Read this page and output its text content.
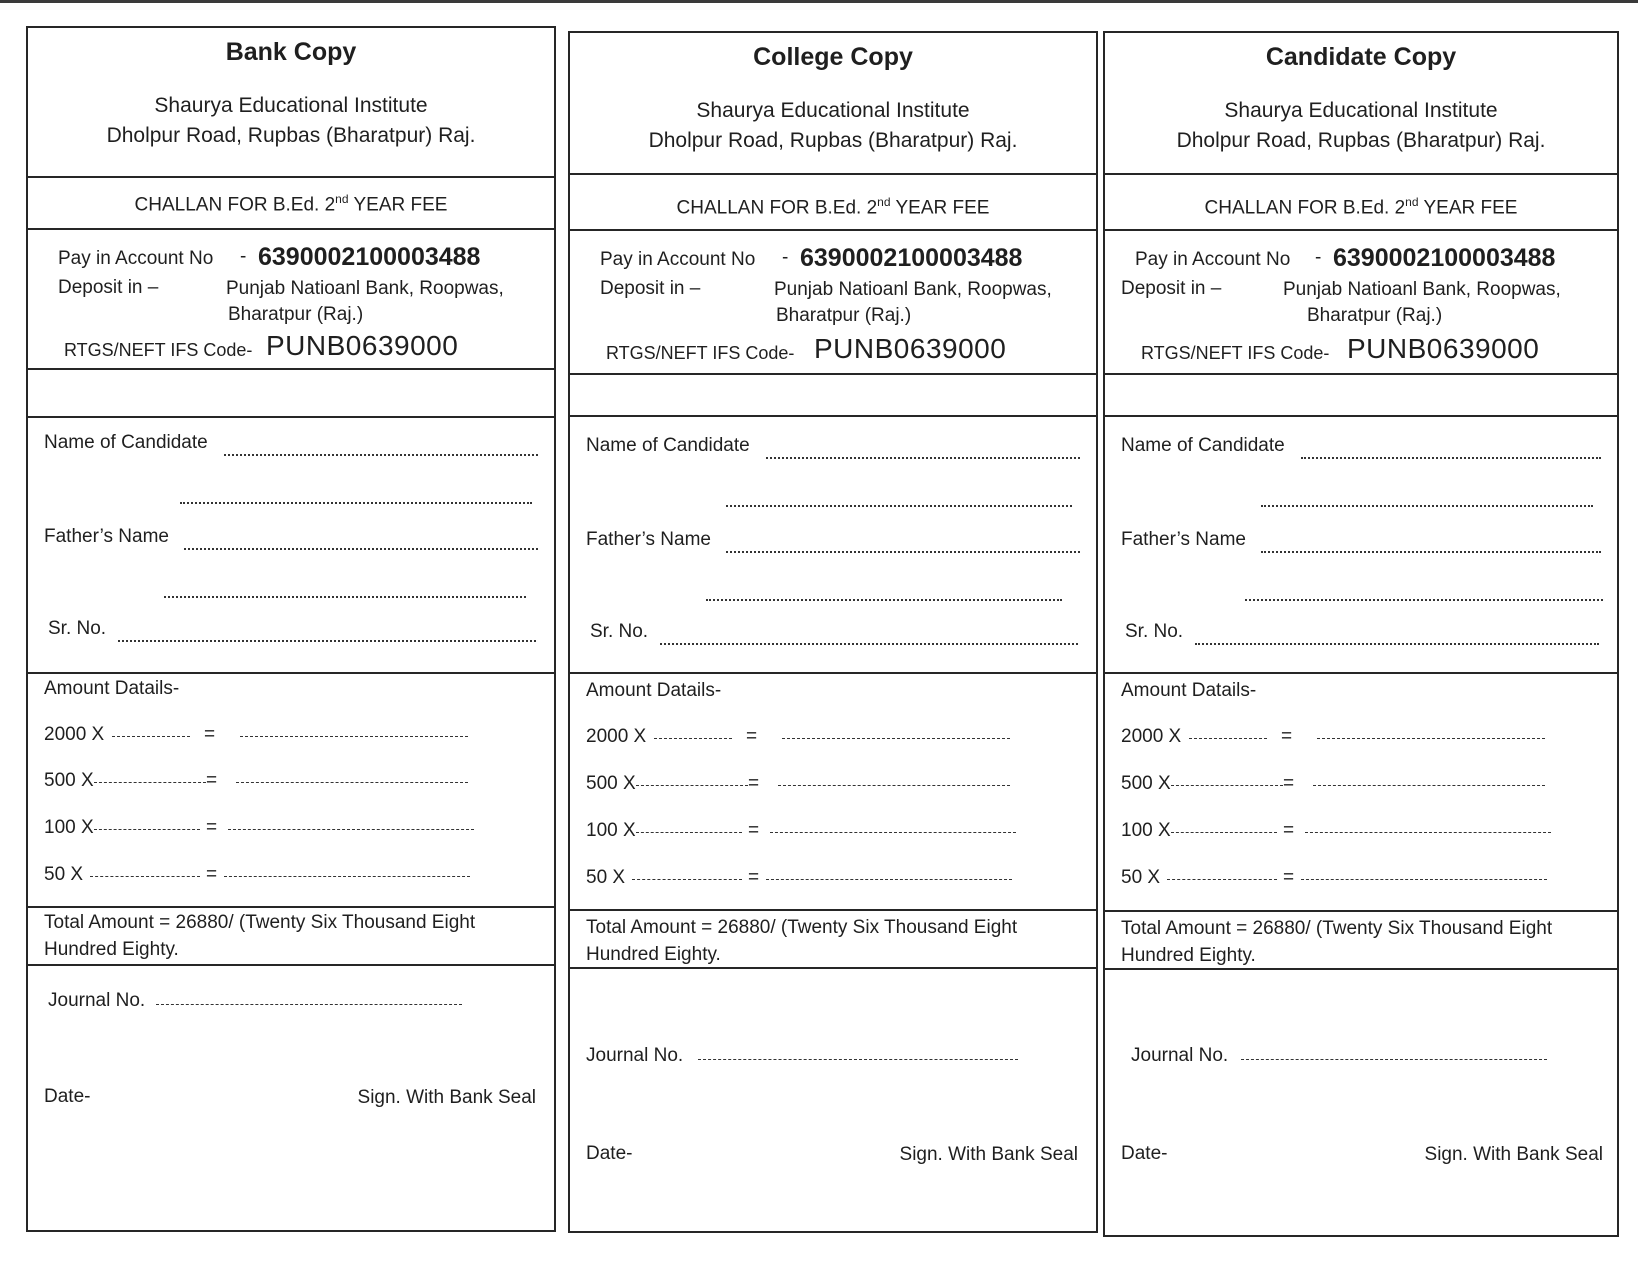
Bank Copy
Shaurya Educational Institute
Dholpur Road, Rupbas (Bharatpur) Raj.
CHALLAN FOR B.Ed. 2nd YEAR FEE
Pay in Account No - 6390002100003488
Deposit in –	Punjab Natioanl Bank, Roopwas,
Bharatpur (Raj.)
RTGS/NEFT IFS Code- PUNB0639000
Name of Candidate
Father’s Name
Sr. No.
Amount Datails-
2000 X	=
500 X	=
100 X	=
50 X	=
Total Amount = 26880/ (Twenty Six Thousand Eight
Hundred Eighty.
Journal No.
Date-	Sign. With Bank Seal
College Copy
Shaurya Educational Institute
Dholpur Road, Rupbas (Bharatpur) Raj.
CHALLAN FOR B.Ed. 2nd YEAR FEE
Pay in Account No - 6390002100003488
Deposit in –	Punjab Natioanl Bank, Roopwas,
Bharatpur (Raj.)
RTGS/NEFT IFS Code- PUNB0639000
Name of Candidate
Father’s Name
Sr. No.
Amount Datails-
2000 X	=
500 X	=
100 X	=
50 X	=
Total Amount = 26880/ (Twenty Six Thousand Eight
Hundred Eighty.
Journal No.
Date-	Sign. With Bank Seal
Candidate Copy
Shaurya Educational Institute
Dholpur Road, Rupbas (Bharatpur) Raj.
CHALLAN FOR B.Ed. 2nd YEAR FEE
Pay in Account No - 6390002100003488
Deposit in –	Punjab Natioanl Bank, Roopwas,
Bharatpur (Raj.)
RTGS/NEFT IFS Code- PUNB0639000
Name of Candidate
Father’s Name
Sr. No.
Amount Datails-
2000 X	=
500 X	=
100 X	=
50 X	=
Total Amount = 26880/ (Twenty Six Thousand Eight
Hundred Eighty.
Journal No.
Date-	Sign. With Bank Seal
